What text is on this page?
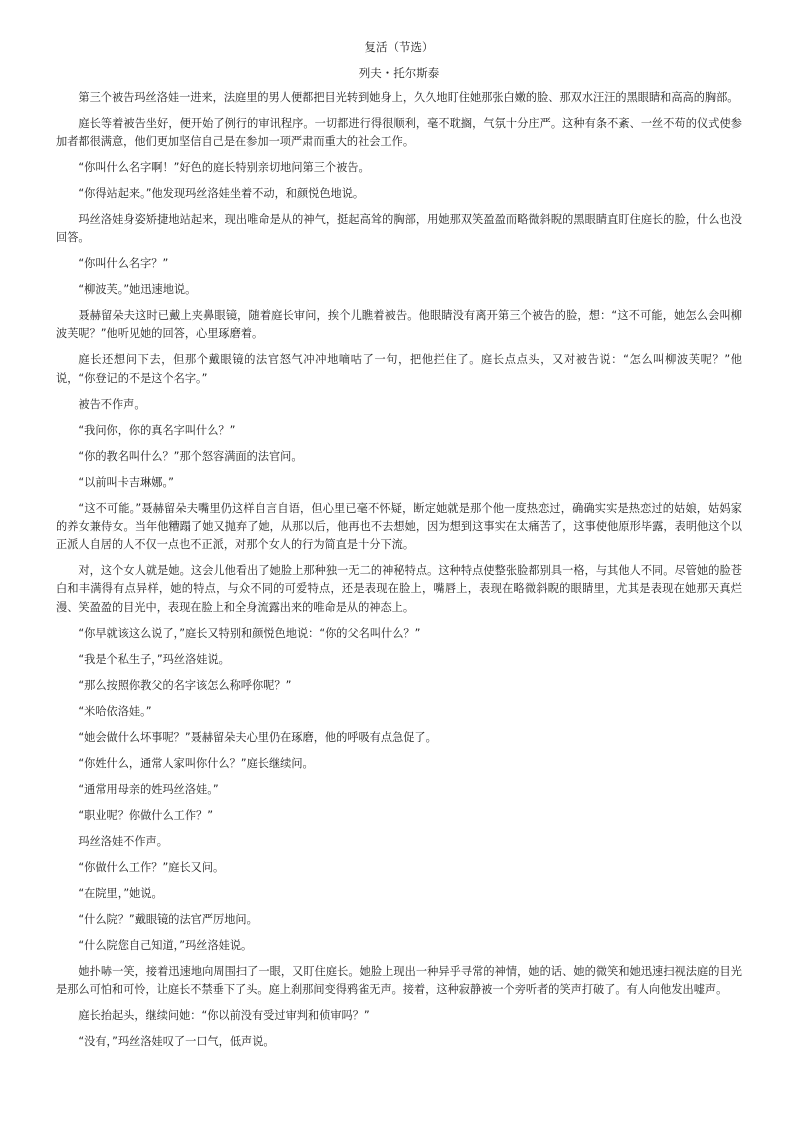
复活（节选）
列夫・托尔斯泰

第三个被告玛丝洛娃一进来，法庭里的男人便都把目光转到她身上，久久地盯住她那张白嫩的脸、那双水汪汪的黑眼睛和高高的胸部。

庭长等着被告坐好，便开始了例行的审讯程序。一切都进行得很顺利，毫不耽搁，气氛十分庄严。这种有条不紊、一丝不苟的仪式使参加者都很满意，他们更加坚信自己是在参加一项严肃而重大的社会工作。

“你叫什么名字啊！”好色的庭长特别亲切地问第三个被告。

“你得站起来。”他发现玛丝洛娃坐着不动，和颜悦色地说。

玛丝洛娃身姿矫捷地站起来，现出唯命是从的神气，挺起高耸的胸部，用她那双笑盈盈而略微斜睨的黑眼睛直盯住庭长的脸，什么也没回答。

“你叫什么名字？”

“柳波芙。”她迅速地说。

聂赫留朵夫这时已戴上夹鼻眼镜，随着庭长审问，挨个儿瞧着被告。他眼睛没有离开第三个被告的脸，想：“这不可能，她怎么会叫柳波芙呢？”他听见她的回答，心里琢磨着。

庭长还想问下去，但那个戴眼镜的法官怒气冲冲地嘀咕了一句，把他拦住了。庭长点点头，又对被告说：“怎么叫柳波芙呢？”他说，“你登记的不是这个名字。”

被告不作声。

“我问你，你的真名字叫什么？”

“你的教名叫什么？”那个怒容满面的法官问。

“以前叫卡吉琳娜。”

“这不可能。”聂赫留朵夫嘴里仍这样自言自语，但心里已毫不怀疑，断定她就是那个他一度热恋过，确确实实是热恋过的姑娘，姑妈家的养女兼侍女。当年他糟蹋了她又抛弃了她，从那以后，他再也不去想她，因为想到这事实在太痛苦了，这事使他原形毕露，表明他这个以正派人自居的人不仅一点也不正派，对那个女人的行为简直是十分下流。

对，这个女人就是她。这会儿他看出了她脸上那种独一无二的神秘特点。这种特点使整张脸都别具一格，与其他人不同。尽管她的脸苍白和丰满得有点异样，她的特点，与众不同的可爱特点，还是表现在脸上，嘴唇上，表现在略微斜睨的眼睛里，尤其是表现在她那天真烂漫、笑盈盈的目光中，表现在脸上和全身流露出来的唯命是从的神态上。

“你早就该这么说了，”庭长又特别和颜悦色地说：“你的父名叫什么？”

“我是个私生子，”玛丝洛娃说。

“那么按照你教父的名字该怎么称呼你呢？”

“米哈依洛娃。”

“她会做什么坏事呢？”聂赫留朵夫心里仍在琢磨，他的呼吸有点急促了。

“你姓什么，通常人家叫你什么？”庭长继续问。

“通常用母亲的姓玛丝洛娃。”

“职业呢？你做什么工作？”

玛丝洛娃不作声。

“你做什么工作？”庭长又问。

“在院里，”她说。

“什么院？”戴眼镜的法官严厉地问。

“什么院您自己知道，”玛丝洛娃说。

她扑哧一笑，接着迅速地向周围扫了一眼，又盯住庭长。她脸上现出一种异乎寻常的神情，她的话、她的微笑和她迅速扫视法庭的目光是那么可怕和可怜，让庭长不禁垂下了头。庭上刹那间变得鸦雀无声。接着，这种寂静被一个旁听者的笑声打破了。有人向他发出嘘声。

庭长抬起头，继续问她：“你以前没有受过审判和侦审吗？”

“没有，”玛丝洛娃叹了一口气，低声说。
